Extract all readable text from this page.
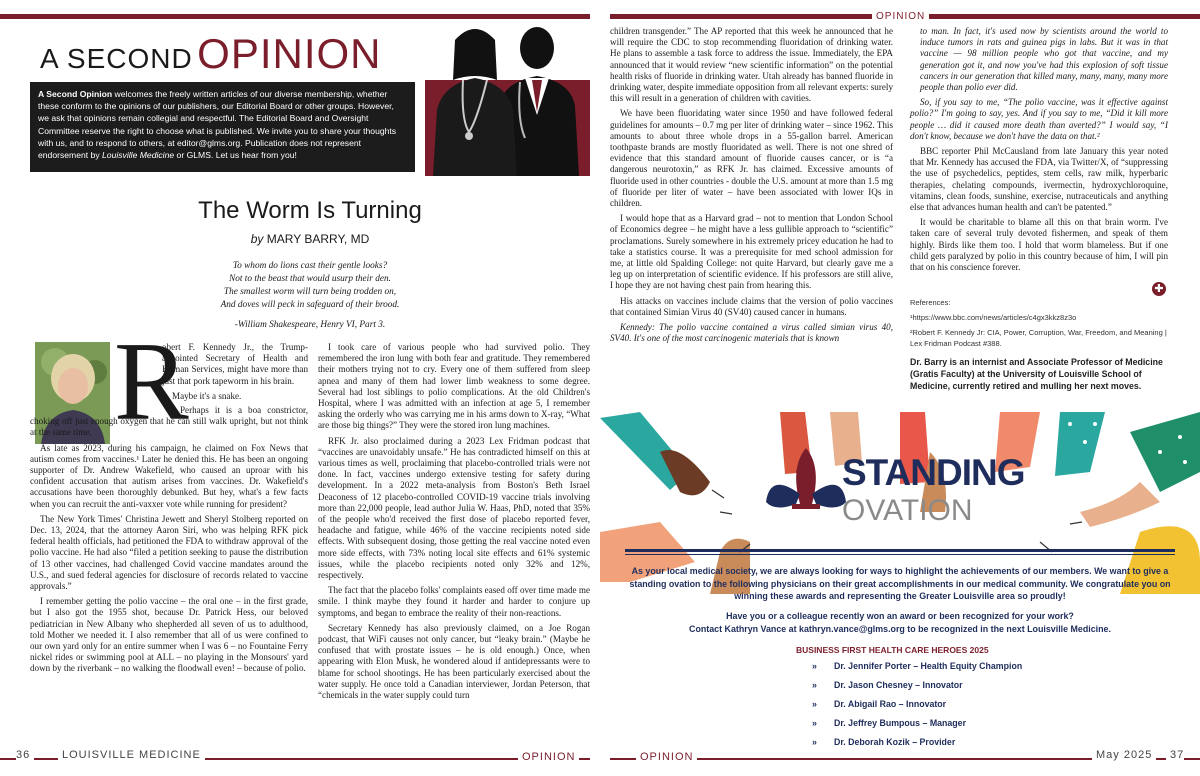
OPINION
A SECOND OPINION
A Second Opinion welcomes the freely written articles of our diverse membership, whether these conform to the opinions of our publishers, our Editorial Board or other groups. However, we ask that opinions remain collegial and respectful. The Editorial Board and Oversight Committee reserve the right to choose what is published. We invite you to share your thoughts with us, and to respond to others, at editor@glms.org. Publication does not represent endorsement by Louisville Medicine or GLMS. Let us hear from you!
The Worm Is Turning
by MARY BARRY, MD
To whom do lions cast their gentle looks?
Not to the beast that would usurp their den.
The smallest worm will turn being trodden on,
And doves will peck in safeguard of their brood.
-William Shakespeare, Henry VI, Part 3.
R

obert F. Kennedy Jr., the Trump-appointed Secretary of Health and Human Services, might have more than just that pork tapeworm in his brain.

Maybe it's a snake.

Perhaps it is a boa constrictor, choking off just enough oxygen that he can still walk upright, but not think at the same time.

As late as 2023, during his campaign, he claimed on Fox News that autism comes from vaccines.¹ Later he denied this. He has been an ongoing supporter of Dr. Andrew Wakefield, who caused an uproar with his confident accusation that autism arises from vaccines. Dr. Wakefield's accusations have been thoroughly debunked. But hey, what's a few facts when you can recruit the anti-vaxxer vote while running for president?

The New York Times' Christina Jewett and Sheryl Stolberg reported on Dec. 13, 2024, that the attorney Aaron Siri, who was helping RFK pick federal health officials, had petitioned the FDA to withdraw approval of the polio vaccine. He had also “filed a petition seeking to pause the distribution of 13 other vaccines, had challenged Covid vaccine mandates around the U.S., and sued federal agencies for disclosure of records related to vaccine approvals.”

I remember getting the polio vaccine – the oral one – in the first grade, but I also got the 1955 shot, because Dr. Patrick Hess, our beloved pediatrician in New Albany who shepherded all seven of us to adulthood, told Mother we needed it. I also remember that all of us were confined to our own yard only for an entire summer when I was 6 – no Fountaine Ferry nickel rides or swimming pool at ALL – no playing in the Monsours' yard down by the riverbank – no walking the floodwall even! – because of polio.

I took care of various people who had survived polio. They remembered the iron lung with both fear and gratitude. They remembered their mothers trying not to cry. Every one of them suffered from sleep apnea and many of them had lower limb weakness to some degree. Several had lost siblings to polio complications. At the old Children's Hospital, where I was admitted with an infection at age 5, I remember asking the orderly who was carrying me in his arms down to X-ray, “What are those big things?” They were the stored iron lung machines.

RFK Jr. also proclaimed during a 2023 Lex Fridman podcast that “vaccines are unavoidably unsafe.” He has contradicted himself on this at various times as well, proclaiming that placebo-controlled trials were not done. In fact, vaccines undergo extensive testing for safety during development. In a 2022 meta-analysis from Boston's Beth Israel Deaconess of 12 placebo-controlled COVID-19 vaccine trials involving more than 22,000 people, lead author Julia W. Haas, PhD, noted that 35% of the people who'd received the first dose of placebo reported fever, headache and fatigue, while 46% of the vaccine recipients noted side effects. With subsequent dosing, those getting the real vaccine noted even more side effects, with 73% noting local site effects and 61% systemic issues, while the placebo recipients noted only 32% and 12%, respectively.

The fact that the placebo folks' complaints eased off over time made me smile. I think maybe they found it harder and harder to conjure up symptoms, and began to embrace the reality of their non-reactions.

Secretary Kennedy has also previously claimed, on a Joe Rogan podcast, that WiFi causes not only cancer, but “leaky brain.” (Maybe he confused that with prostate issues – he is old enough.) Once, when appearing with Elon Musk, he wondered aloud if antidepressants were to blame for school shootings. He has been particularly exercised about the water supply. He once told a Canadian interviewer, Jordan Peterson, that “chemicals in the water supply could turn

children transgender.” The AP reported that this week he announced that he will require the CDC to stop recommending fluoridation of drinking water. He plans to assemble a task force to address the issue. Immediately, the EPA announced that it would review “new scientific information” on the potential health risks of fluoride in drinking water. Utah already has banned fluoride in drinking water, despite immediate opposition from all relevant experts: surely this will result in a generation of children with cavities.

We have been fluoridating water since 1950 and have followed federal guidelines for amounts – 0.7 mg per liter of drinking water – since 1962. This amounts to about three whole drops in a 55-gallon barrel. American toothpaste brands are mostly fluoridated as well. There is not one shred of evidence that this standard amount of fluoride causes cancer, or is “a dangerous neurotoxin,” as RFK Jr. has claimed. Excessive amounts of fluoride used in other countries - double the U.S. amount at more than 1.5 mg of fluoride per liter of water – have been associated with lower IQs in children.

I would hope that as a Harvard grad – not to mention that London School of Economics degree – he might have a less gullible approach to “scientific” proclamations. Surely somewhere in his extremely pricey education he had to take a statistics course. It was a prerequisite for med school admission for me, at little old Spalding College: not quite Harvard, but clearly gave me a leg up on interpretation of scientific evidence. If his professors are still alive, I hope they are not having chest pain from hearing this.

His attacks on vaccines include claims that the version of polio vaccines that contained Simian Virus 40 (SV40) caused cancer in humans.

Kennedy: The polio vaccine contained a virus called simian virus 40, SV40. It's one of the most carcinogenic materials that is known

to man. In fact, it's used now by scientists around the world to induce tumors in rats and guinea pigs in labs. But it was in that vaccine — 98 million people who got that vaccine, and my generation got it, and now you've had this explosion of soft tissue cancers in our generation that killed many, many, many, many more people than polio ever did.

So, if you say to me, “The polio vaccine, was it effective against polio?” I'm going to say, yes. And if you say to me, “Did it kill more people … did it caused more death than averted?” I would say, “I don't know, because we don't have the data on that.²

BBC reporter Phil McCausland from late January this year noted that Mr. Kennedy has accused the FDA, via Twitter/X, of “suppressing the use of psychedelics, peptides, stem cells, raw milk, hyperbaric therapies, chelating compounds, ivermectin, hydroxychloroquine, vitamins, clean foods, sunshine, exercise, nutraceuticals and anything else that advances human health and can't be patented.”

It would be charitable to blame all this on that brain worm. I've taken care of several truly devoted fishermen, and speak of them highly. Birds like them too. I hold that worm blameless. But if one child gets paralyzed by polio in this country because of him, I will pin that on his conscience forever.

✚
References:
¹https://www.bbc.com/news/articles/c4gx3kkz8z3o
²Robert F. Kennedy Jr: CIA, Power, Corruption, War, Freedom, and Meaning | Lex Fridman Podcast #388.
Dr. Barry is an internist and Associate Professor of Medicine (Gratis Faculty) at the University of Louisville School of Medicine, currently retired and mulling her next moves.
STANDING
OVATION
As your local medical society, we are always looking for ways to highlight the achievements of our members. We want to give a standing ovation to the following physicians on their great accomplishments in our medical community. We congratulate you on winning these awards and representing the Greater Louisville area so proudly!
Have you or a colleague recently won an award or been recognized for your work?
Contact Kathryn Vance at kathryn.vance@glms.org to be recognized in the next Louisville Medicine.
BUSINESS FIRST HEALTH CARE HEROES 2025
» Dr. Jennifer Porter – Health Equity Champion
» Dr. Jason Chesney – Innovator
» Dr. Abigail Rao – Innovator
» Dr. Jeffrey Bumpous – Manager
» Dr. Deborah Kozik – Provider
36	LOUISVILLE MEDICINE	OPINION	OPINION	May 2025	37
